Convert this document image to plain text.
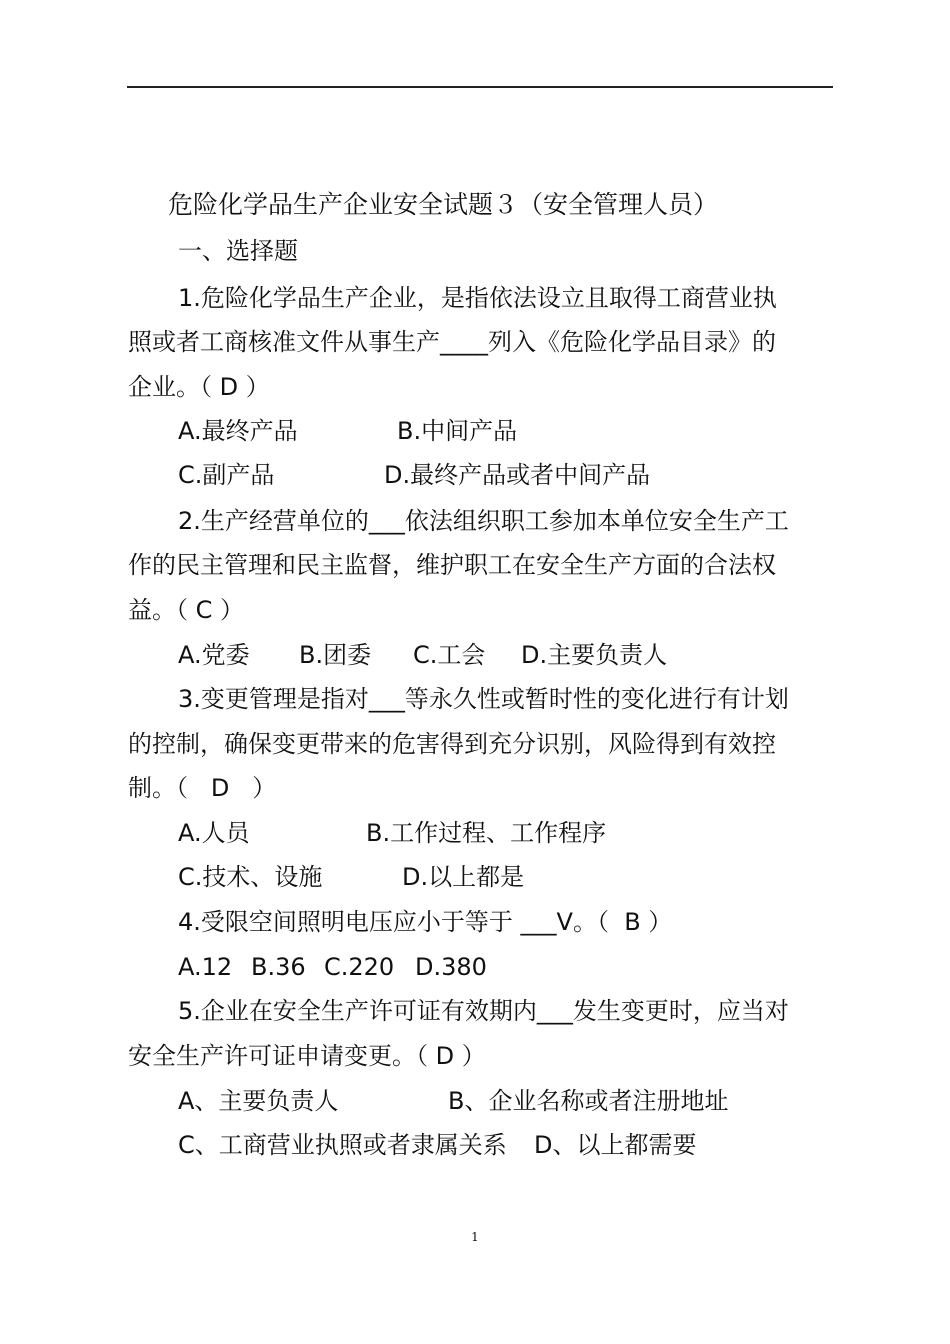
危险化学品生产企业安全试题３（安全管理人员）
一、选择题
1.危险化学品生产企业，是指依法设立且取得工商营业执
照或者工商核准文件从事生产____列入《危险化学品目录》的
企业。（ D ）
A.最终产品	B.中间产品
C.副产品	D.最终产品或者中间产品
2.生产经营单位的___依法组织职工参加本单位安全生产工
作的民主管理和民主监督，维护职工在安全生产方面的合法权
益。（ C ）
A.党委 B.团委 C.工会 D.主要负责人
3.变更管理是指对___等永久性或暂时性的变化进行有计划
的控制，确保变更带来的危害得到充分识别，风险得到有效控
制。（   D   ）
A.人员	B.工作过程、工作程序
C.技术、设施	D.以上都是
4.受限空间照明电压应小于等于 ___V。（  B ）
A.12 B.36 C.220 D.380
5.企业在安全生产许可证有效期内___发生变更时，应当对
安全生产许可证申请变更。（ D ）
A、主要负责人	B、企业名称或者注册地址
C、工商营业执照或者隶属关系 D、以上都需要
1
